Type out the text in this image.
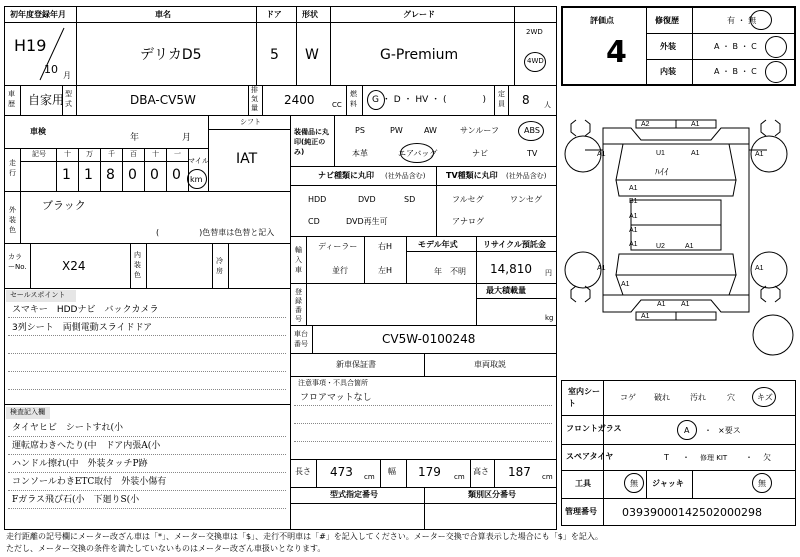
初年度登録年月	車名	ドア	形状	グレード
2WD
4WD
H19
10 月
デリカD5	5 W	G-Premium
車歴 自家用 型式	DBA-CV5W
排気量
2400 CC
燃料 G ・ D ・ HV ・ (　　　　)
定員 8 人
車検
年	月
シフト
IAT
走行
記号	十
1
万
1
千
8
百
0
十
0
一
0
マイル
km
外装色
ブラック
(　　　　　)色替車は色替と記入
カラーNo.	X24
内装色
冷房
セールスポイント
スマキー　HDDナビ　バックカメラ
3列シート　両側電動スライドドア
検査記入欄
タイヤヒビ　シートすれ(小
運転席わきへたり(中　ドア内張A(小
ハンドル擦れ(中　外装タッチP跡
コンソールわきETC取付　外装小傷有
Fガラス飛び石(小　下廻りS(小
装備品に丸印(純正のみ)
PS	PW	AW	サンルーフ	ABS
本革	エアバッグ	ナビ	TV
ナビ種類に丸印 (社外品含む)	TV種類に丸印 (社外品含む)
HDD	DVD	SD
CD	DVD再生可
フルセグ	ワンセグ
アナログ
輸入車
ディーラー
並行
右H
左H
モデル年式
年　不明
リサイクル預託金
14,810 円
登録番号
最大積載量
kg
車台番号	CV5W-0100248
新車保証書	車両取説
注意事項・不具合箇所
フロアマットなし
長さ 473 cm
幅 179 cm
高さ 187 cm
型式指定番号	類別区分番号
評価点
4
修復歴	有 ・ 無
外装	A ・ B ・ C
内装	A ・ B ・ C
A2	A1
A1	U1	A1	A1
A1
B1
A1
A1
A1
A1	A1
U2	A1
A1
A1 A1
A1
ﾊｲｲ
室内シート
コゲ 破れ	汚れ	穴	キズ
フロントガラス	A ・ ×要ス
スペアタイヤ	T ・ 修理 KIT ・ 欠
工具	無 ジャッキ	無
管理番号 03939000142502000298
走行距離の記号欄にメーター改ざん車は「*」、メーター交換車は「$」、走行不明車は「#」を記入してください。メーター交換で合算表示した場合にも「$」を記入。
ただし、メーター交換の条件を満たしていないものはメーター改ざん車扱いとなります。
